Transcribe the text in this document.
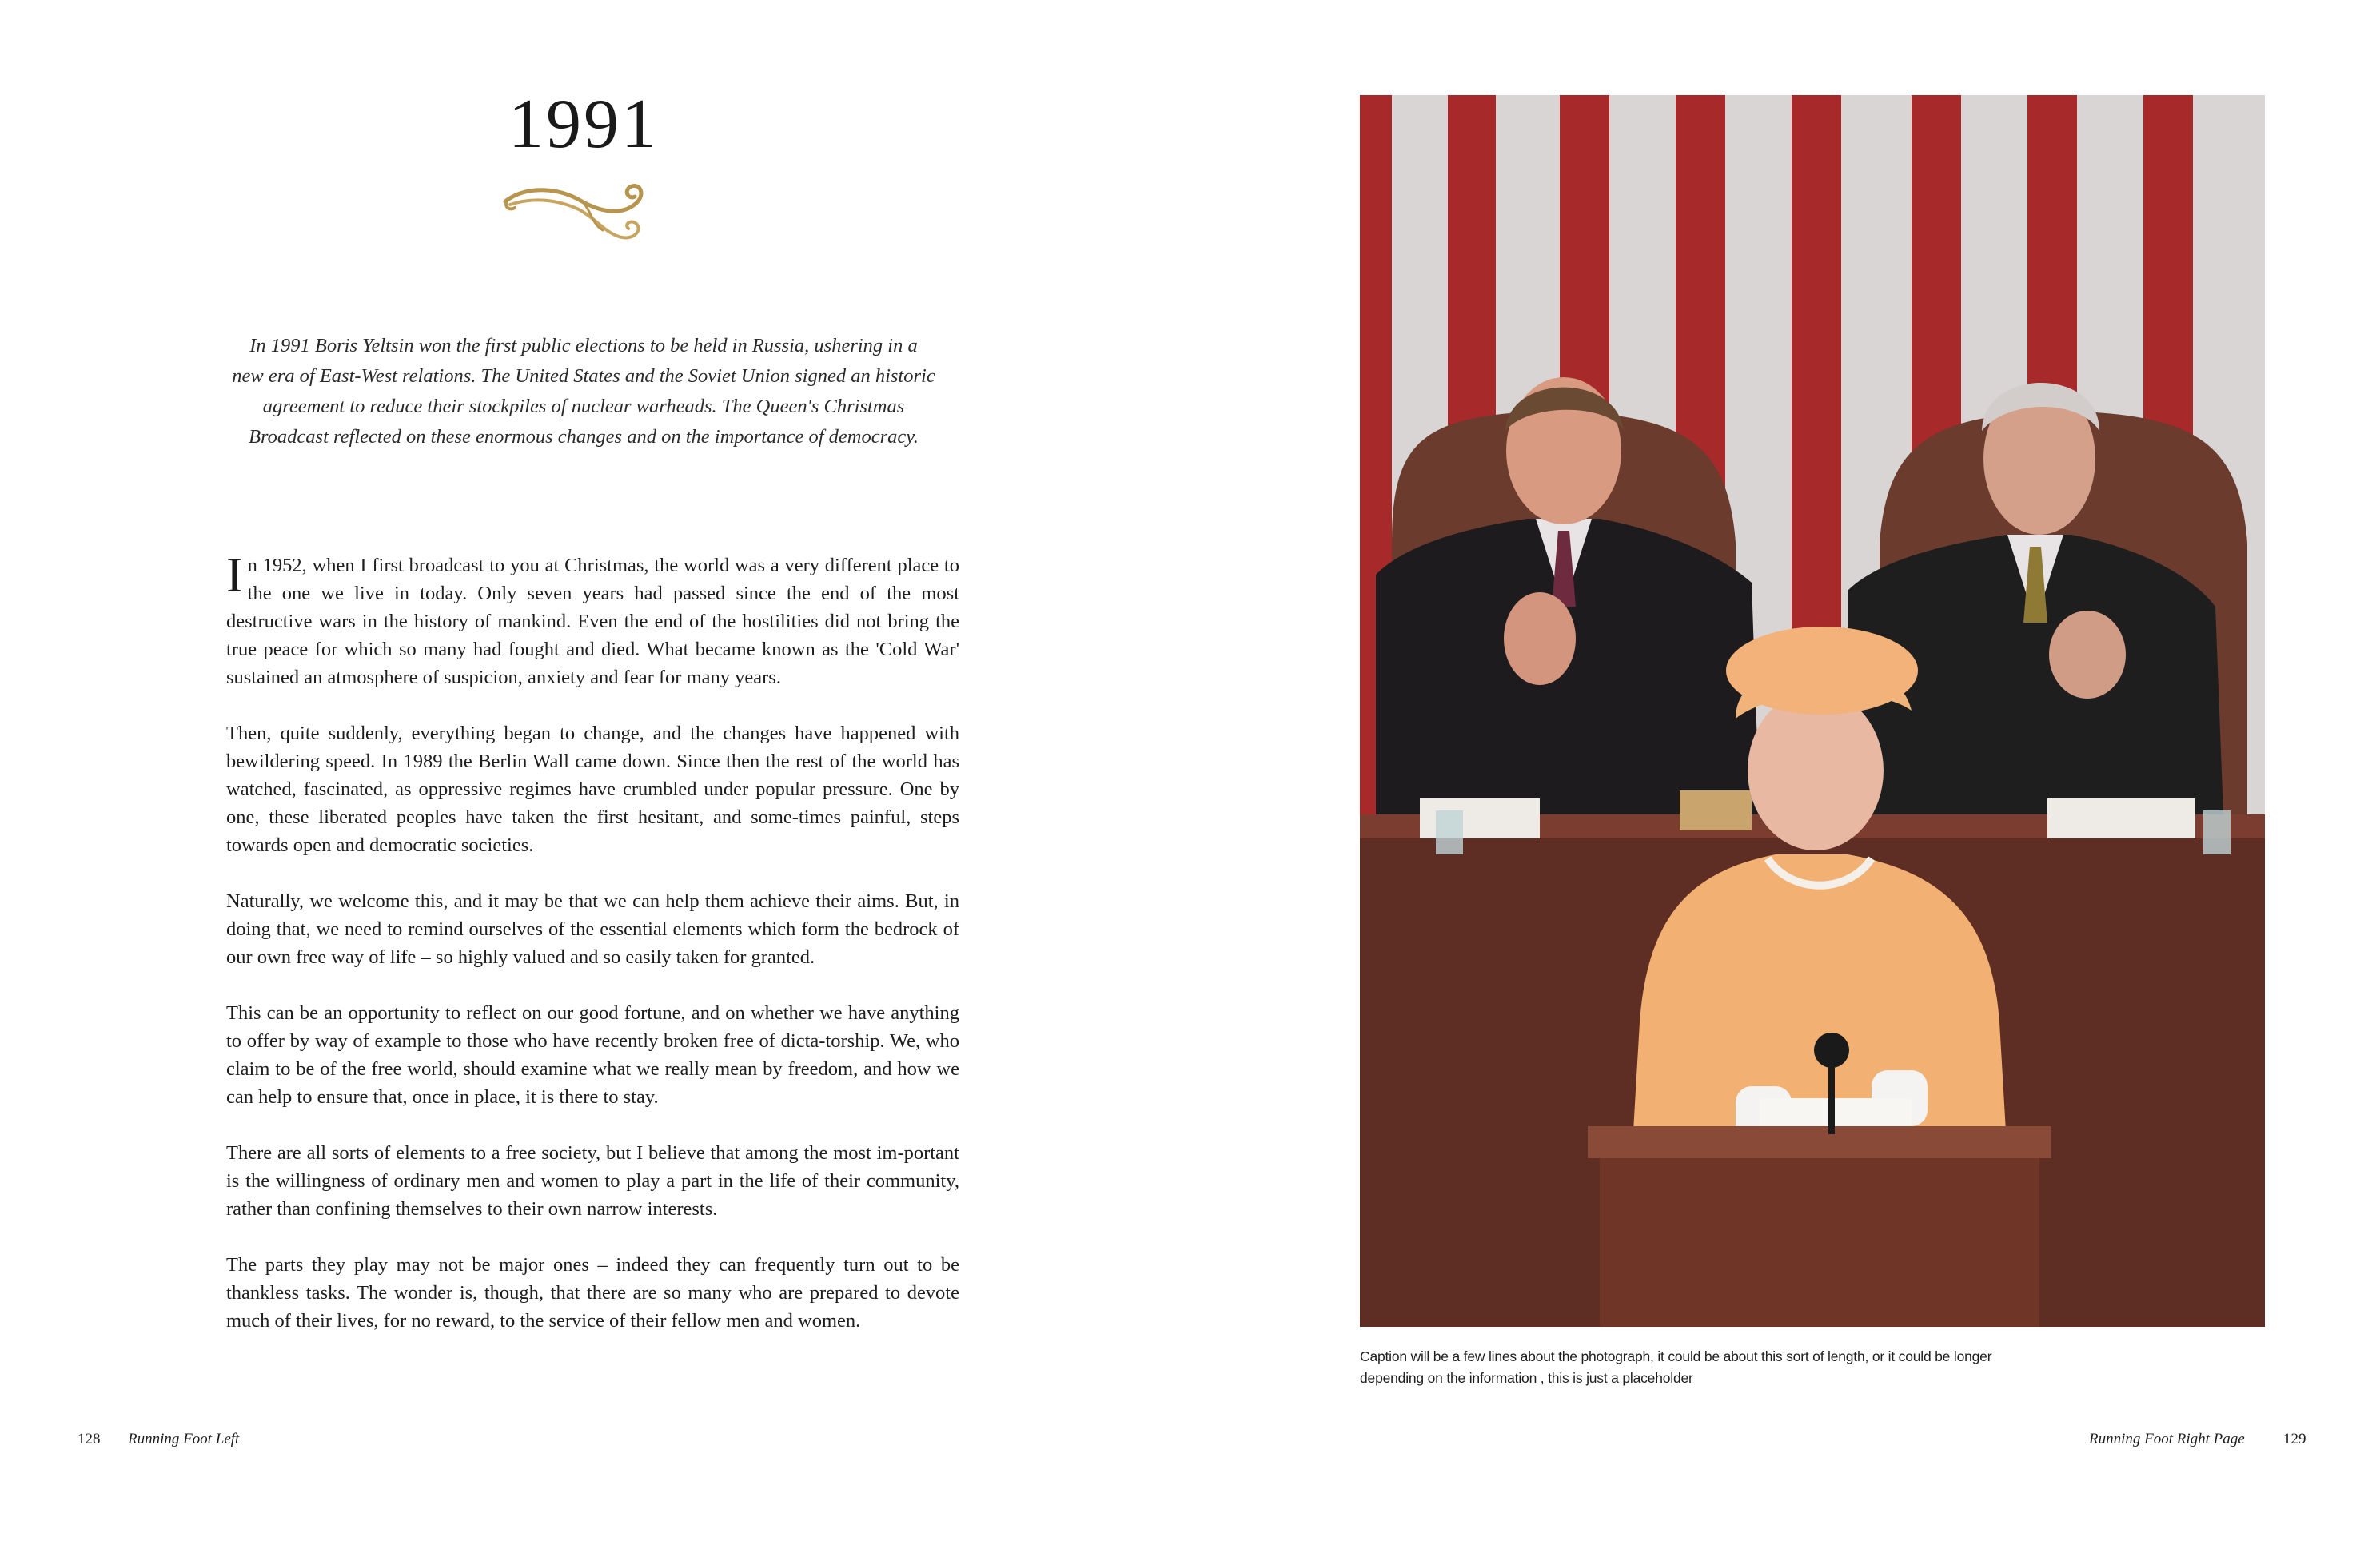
1991
In 1991 Boris Yeltsin won the first public elections to be held in Russia, ushering in a new era of East-West relations. The United States and the Soviet Union signed an historic agreement to reduce their stockpiles of nuclear warheads. The Queen's Christmas Broadcast reflected on these enormous changes and on the importance of democracy.

In 1952, when I first broadcast to you at Christmas, the world was a very different place to the one we live in today. Only seven years had passed since the end of the most destructive wars in the history of mankind. Even the end of the hostilities did not bring the true peace for which so many had fought and died. What became known as the 'Cold War' sustained an atmosphere of suspicion, anxiety and fear for many years.

Then, quite suddenly, everything began to change, and the changes have happened with bewildering speed. In 1989 the Berlin Wall came down. Since then the rest of the world has watched, fascinated, as oppressive regimes have crumbled under popular pressure. One by one, these liberated peoples have taken the first hesitant, and some-times painful, steps towards open and democratic societies.

Naturally, we welcome this, and it may be that we can help them achieve their aims. But, in doing that, we need to remind ourselves of the essential elements which form the bedrock of our own free way of life – so highly valued and so easily taken for granted.

This can be an opportunity to reflect on our good fortune, and on whether we have anything to offer by way of example to those who have recently broken free of dicta-torship. We, who claim to be of the free world, should examine what we really mean by freedom, and how we can help to ensure that, once in place, it is there to stay.

There are all sorts of elements to a free society, but I believe that among the most im-portant is the willingness of ordinary men and women to play a part in the life of their community, rather than confining themselves to their own narrow interests.

The parts they play may not be major ones – indeed they can frequently turn out to be thankless tasks. The wonder is, though, that there are so many who are prepared to devote much of their lives, for no reward, to the service of their fellow men and women.

128 Running Foot Left
Caption will be a few lines about the photograph, it could be about this sort of length, or it could be longer depending on the information , this is just a placeholder
Running Foot Right Page	129
